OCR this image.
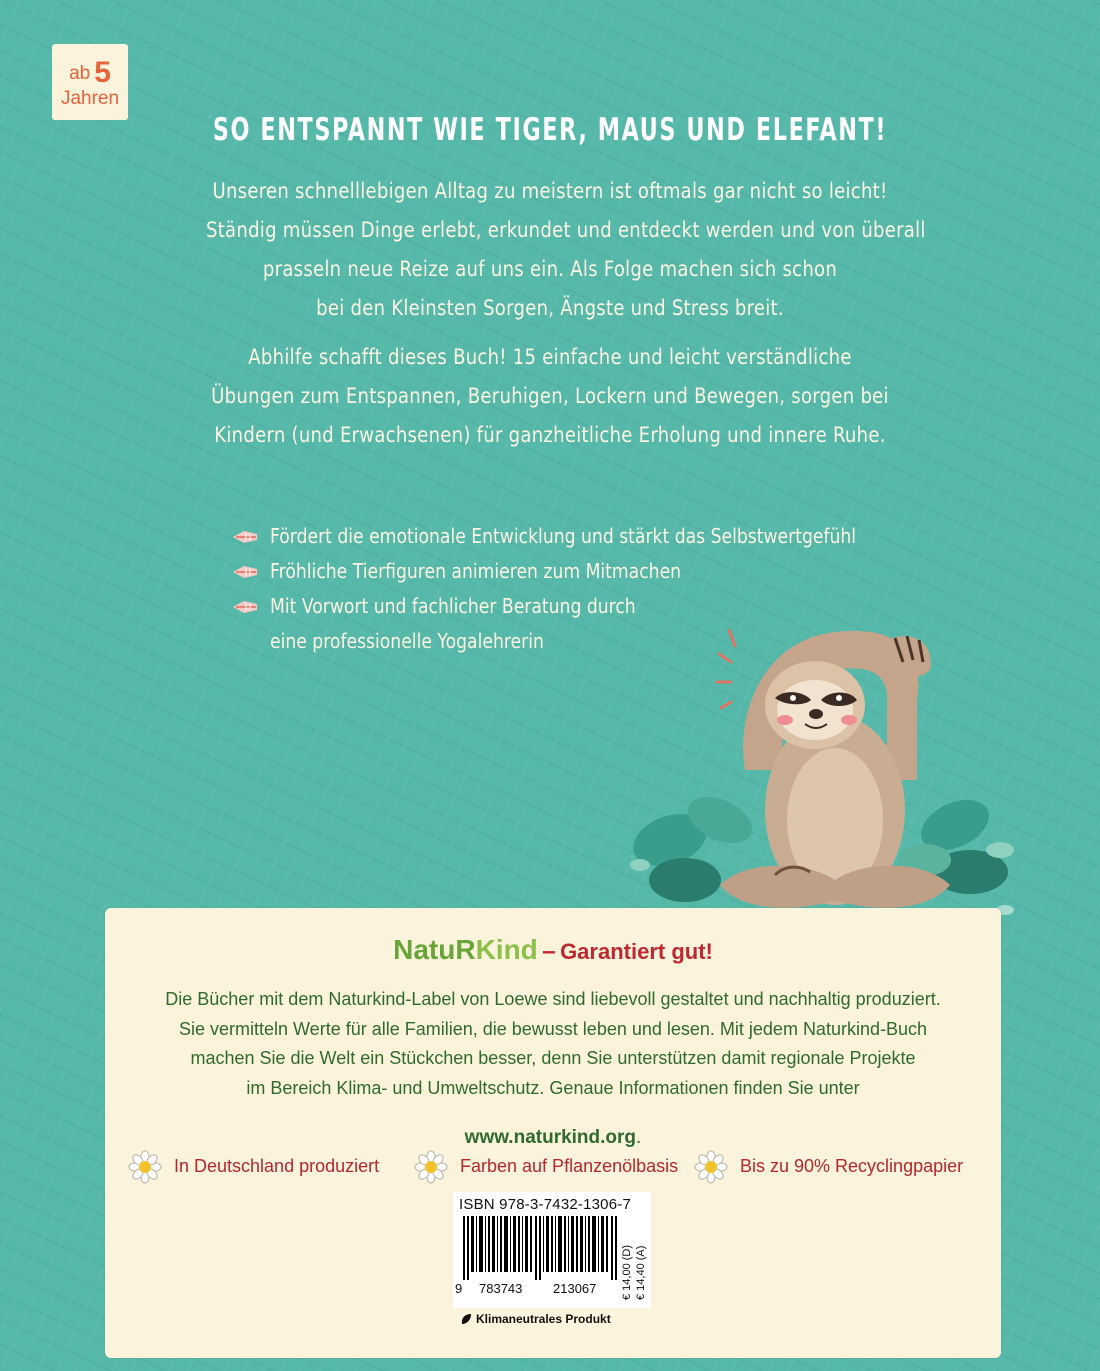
ab 5
Jahren
SO ENTSPANNT WIE TIGER, MAUS UND ELEFANT!
Unseren schnelllebigen Alltag zu meistern ist oftmals gar nicht so leicht!
Ständig müssen Dinge erlebt, erkundet und entdeckt werden und von überall
prasseln neue Reize auf uns ein. Als Folge machen sich schon
bei den Kleinsten Sorgen, Ängste und Stress breit.
Abhilfe schafft dieses Buch! 15 einfache und leicht verständliche
Übungen zum Entspannen, Beruhigen, Lockern und Bewegen, sorgen bei
Kindern (und Erwachsenen) für ganzheitliche Erholung und innere Ruhe.
Fördert die emotionale Entwicklung und stärkt das Selbstwertgefühl
Fröhliche Tierfiguren animieren zum Mitmachen
Mit Vorwort und fachlicher Beratung durch
eine professionelle Yogalehrerin
NatuRKind – Garantiert gut!
Die Bücher mit dem Naturkind-Label von Loewe sind liebevoll gestaltet und nachhaltig produziert.
Sie vermitteln Werte für alle Familien, die bewusst leben und lesen. Mit jedem Naturkind-Buch
machen Sie die Welt ein Stückchen besser, denn Sie unterstützen damit regionale Projekte
im Bereich Klima- und Umweltschutz. Genaue Informationen finden Sie unter
www.naturkind.org.
In Deutschland produziert	Farben auf Pflanzenölbasis	Bis zu 90% Recyclingpapier
ISBN 978-3-7432-1306-7
9 783743 213067 € 14,00 (D) € 14,40 (A)
Klimaneutrales Produkt
